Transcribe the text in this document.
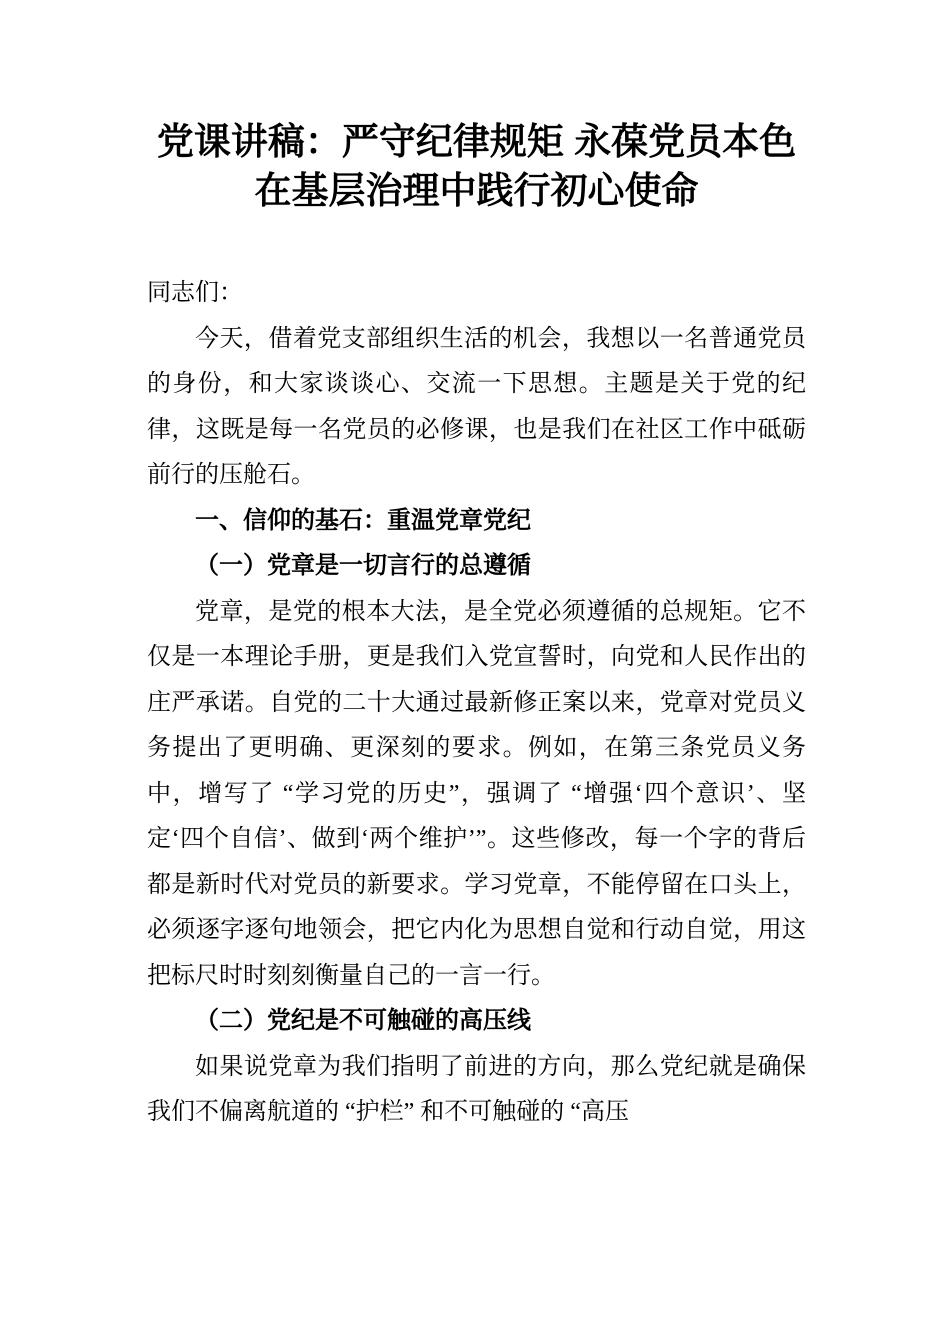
党课讲稿：严守纪律规矩 永葆党员本色
在基层治理中践行初心使命

同志们：

今天，借着党支部组织生活的机会，我想以一名普通党员的身份，和大家谈谈心、交流一下思想。主题是关于党的纪律，这既是每一名党员的必修课，也是我们在社区工作中砥砺前行的压舱石。

一、信仰的基石：重温党章党纪

（一）党章是一切言行的总遵循

党章，是党的根本大法，是全党必须遵循的总规矩。它不仅是一本理论手册，更是我们入党宣誓时，向党和人民作出的庄严承诺。自党的二十大通过最新修正案以来，党章对党员义务提出了更明确、更深刻的要求。例如，在第三条党员义务中，增写了 “学习党的历史”，强调了 “增强‘四个意识’、坚定‘四个自信’、做到‘两个维护’”。这些修改，每一个字的背后都是新时代对党员的新要求。学习党章，不能停留在口头上，必须逐字逐句地领会，把它内化为思想自觉和行动自觉，用这把标尺时时刻刻衡量自己的一言一行。

（二）党纪是不可触碰的高压线

如果说党章为我们指明了前进的方向，那么党纪就是确保我们不偏离航道的 “护栏” 和不可触碰的 “高压
